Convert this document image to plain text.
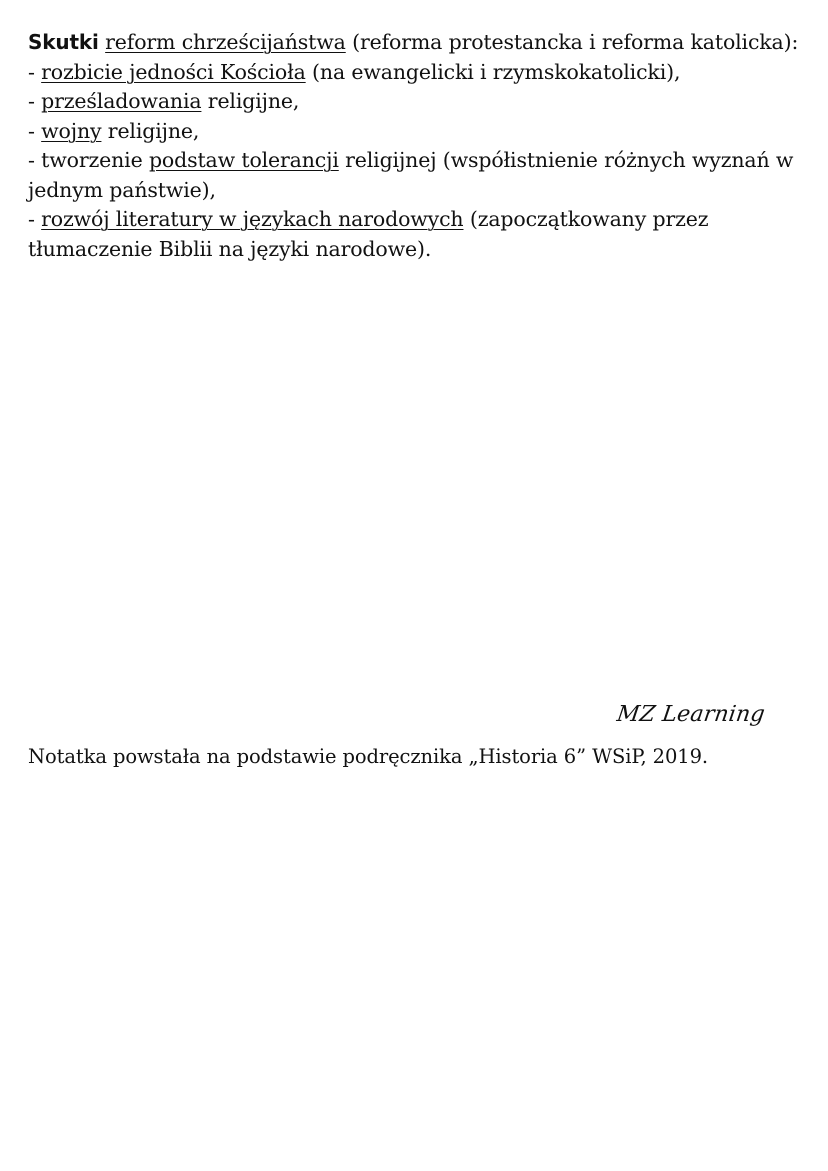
Skutki reform chrześcijaństwa (reforma protestancka i reforma katolicka):

- rozbicie jedności Kościoła (na ewangelicki i rzymskokatolicki),

- prześladowania religijne,

- wojny religijne,

- tworzenie podstaw tolerancji religijnej (współistnienie różnych wyznań w jednym państwie),

- rozwój literatury w językach narodowych (zapoczątkowany przez tłumaczenie Biblii na języki narodowe).

MZ Learning
Notatka powstała na podstawie podręcznika „Historia 6” WSiP, 2019.
